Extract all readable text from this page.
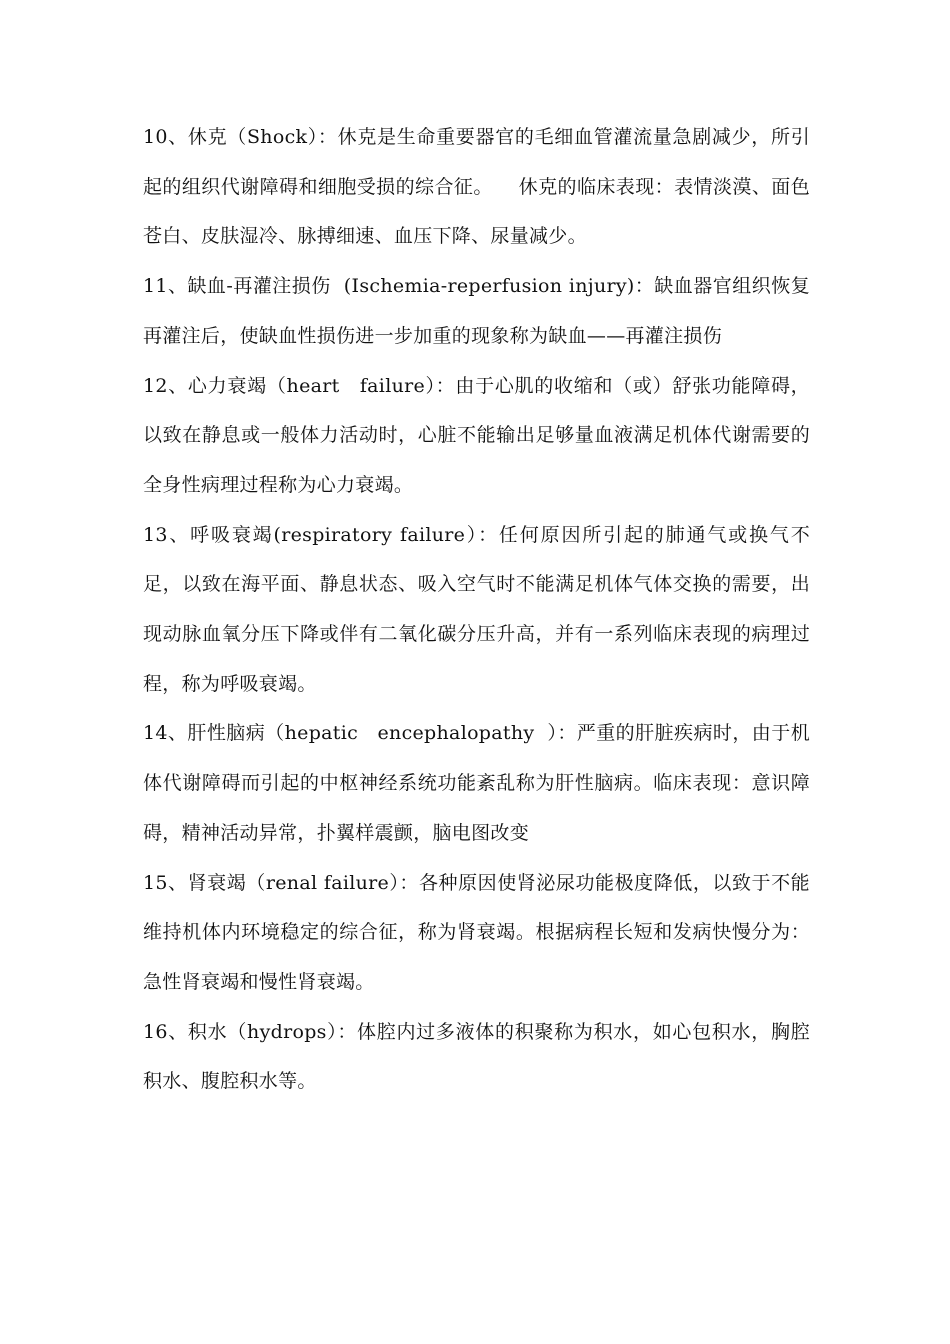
10、休克（Shock）：休克是生命重要器官的毛细血管灌流量急剧减少，所引起的组织代谢障碍和细胞受损的综合征。    休克的临床表现：表情淡漠、面色苍白、皮肤湿冷、脉搏细速、血压下降、尿量减少。

11、缺血-再灌注损伤  (Ischemia-reperfusion injury)：缺血器官组织恢复再灌注后，使缺血性损伤进一步加重的现象称为缺血——再灌注损伤

12、心力衰竭（heart   failure）：由于心肌的收缩和（或）舒张功能障碍，以致在静息或一般体力活动时，心脏不能输出足够量血液满足机体代谢需要的全身性病理过程称为心力衰竭。

13、呼吸衰竭(respiratory failure）：任何原因所引起的肺通气或换气不足，以致在海平面、静息状态、吸入空气时不能满足机体气体交换的需要，出现动脉血氧分压下降或伴有二氧化碳分压升高，并有一系列临床表现的病理过程，称为呼吸衰竭。

14、肝性脑病（hepatic   encephalopathy  ）：严重的肝脏疾病时，由于机体代谢障碍而引起的中枢神经系统功能紊乱称为肝性脑病。临床表现：意识障碍，精神活动异常，扑翼样震颤，脑电图改变

15、肾衰竭（renal failure）：各种原因使肾泌尿功能极度降低，以致于不能维持机体内环境稳定的综合征，称为肾衰竭。根据病程长短和发病快慢分为：急性肾衰竭和慢性肾衰竭。

16、积水（hydrops）：体腔内过多液体的积聚称为积水，如心包积水，胸腔积水、腹腔积水等。
